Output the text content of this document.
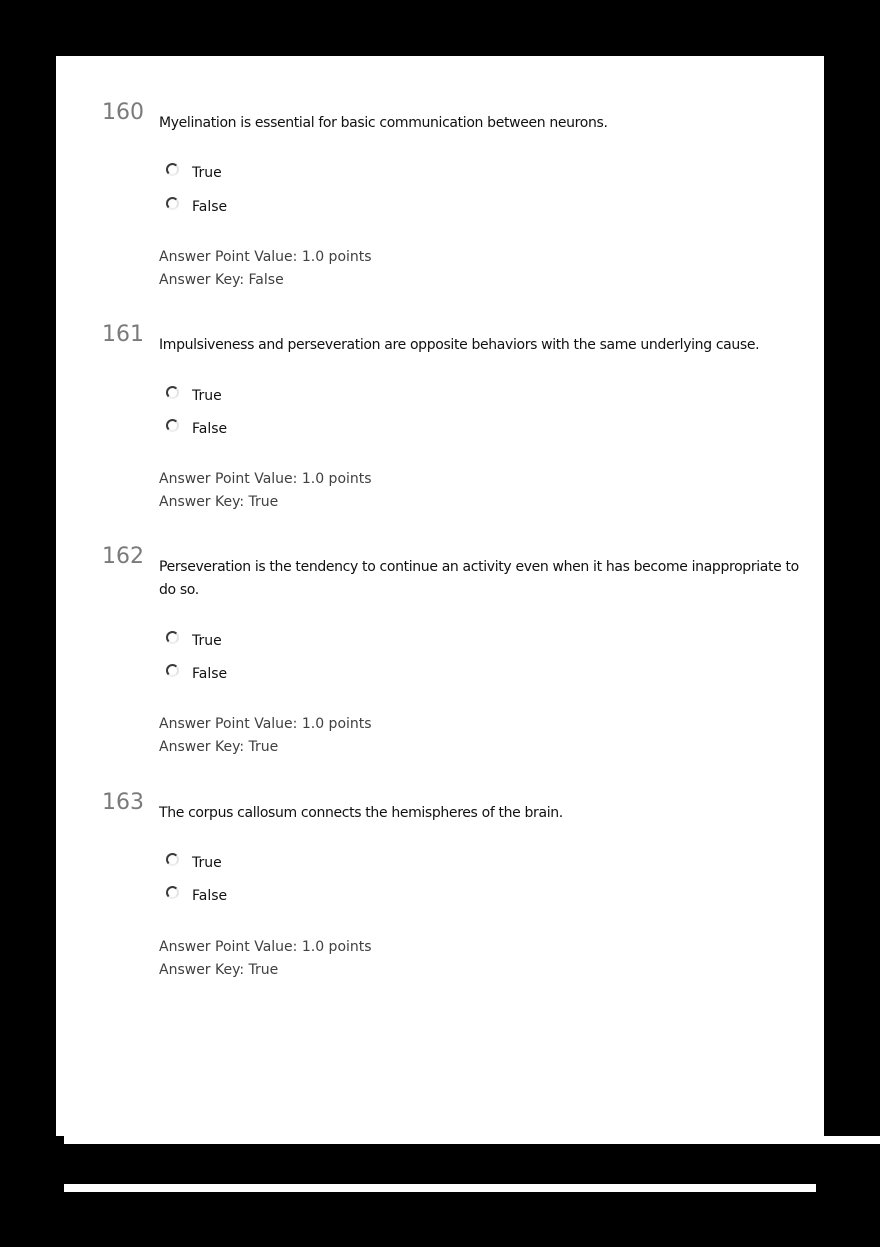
160 Myelination is essential for basic communication between neurons.
True
False
Answer Point Value: 1.0 points
Answer Key: False
161 Impulsiveness and perseveration are opposite behaviors with the same underlying cause.
True
False
Answer Point Value: 1.0 points
Answer Key: True
162 Perseveration is the tendency to continue an activity even when it has become inappropriate to do so.
True
False
Answer Point Value: 1.0 points
Answer Key: True
163 The corpus callosum connects the hemispheres of the brain.
True
False
Answer Point Value: 1.0 points
Answer Key: True
